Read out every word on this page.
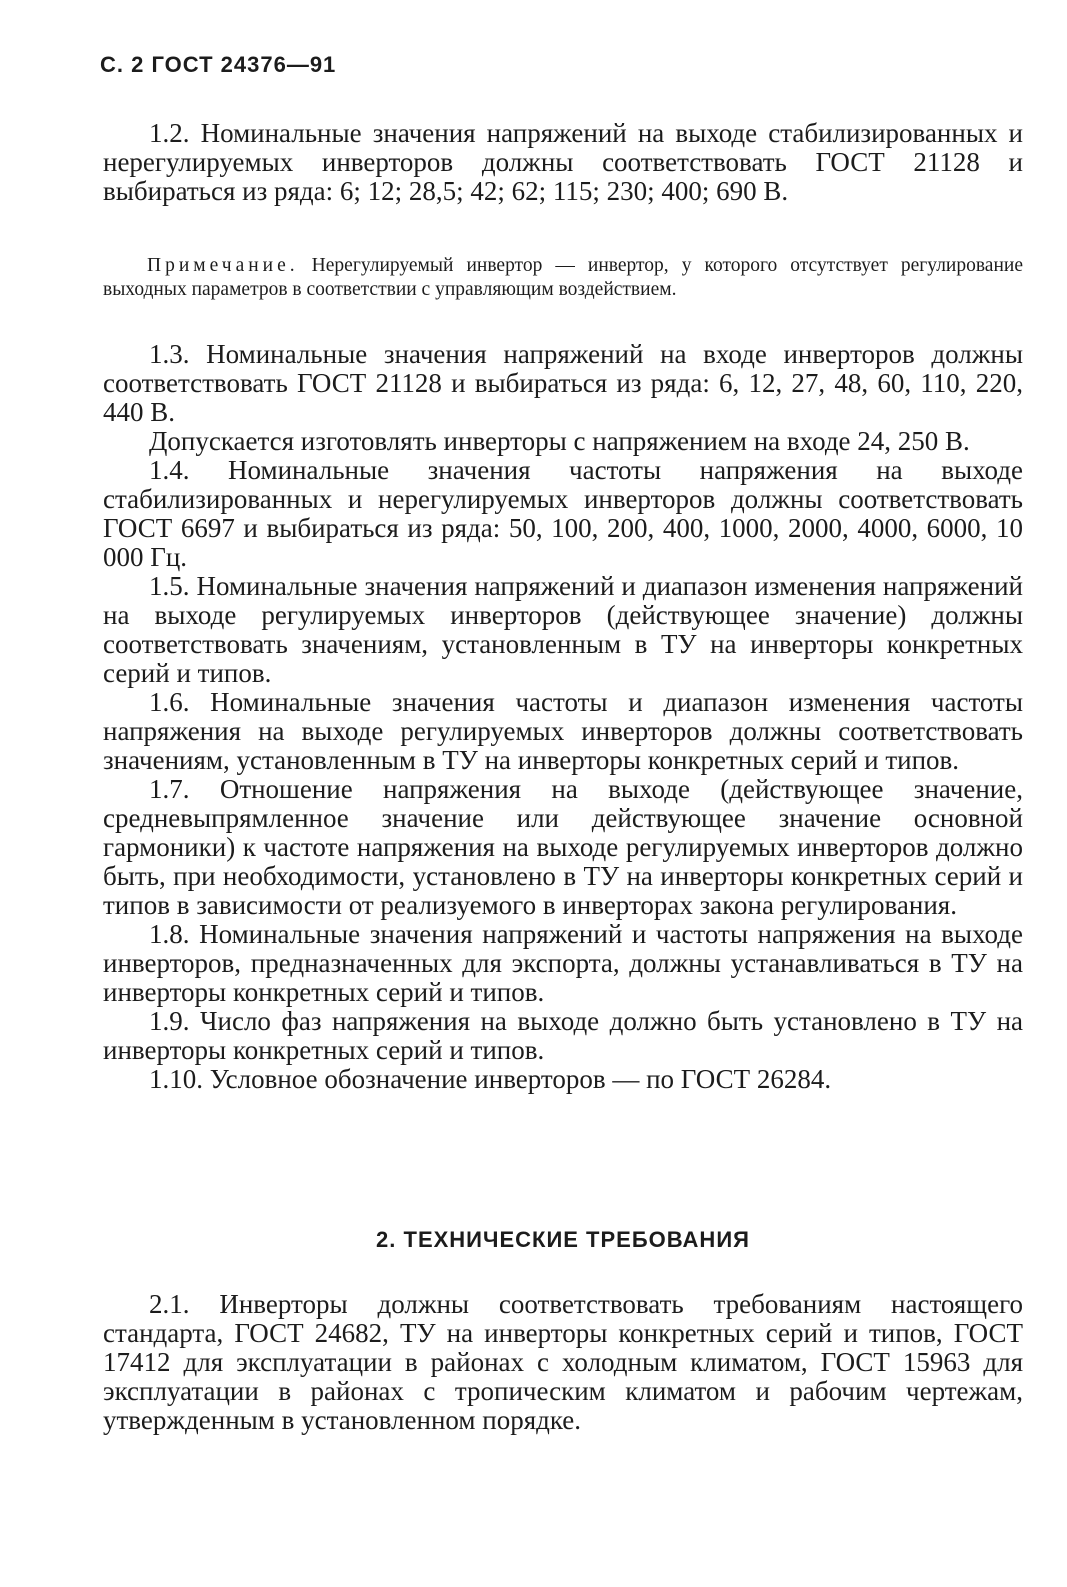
С. 2 ГОСТ 24376—91

1.2. Номинальные значения напряжений на выходе стабилизированных и нерегулируемых инверторов должны соответствовать ГОСТ 21128 и выбираться из ряда: 6; 12; 28,5; 42; 62; 115; 230; 400; 690 В.

Примечание. Нерегулируемый инвертор — инвертор, у которого отсутствует регулирование выходных параметров в соответствии с управляющим воздействием.

1.3. Номинальные значения напряжений на входе инверторов должны соответствовать ГОСТ 21128 и выбираться из ряда: 6, 12, 27, 48, 60, 110, 220, 440 В.

Допускается изготовлять инверторы с напряжением на входе 24, 250 В.

1.4. Номинальные значения частоты напряжения на выходе стабилизированных и нерегулируемых инверторов должны соответствовать ГОСТ 6697 и выбираться из ряда: 50, 100, 200, 400, 1000, 2000, 4000, 6000, 10 000 Гц.

1.5. Номинальные значения напряжений и диапазон изменения напряжений на выходе регулируемых инверторов (действующее значение) должны соответствовать значениям, установленным в ТУ на инверторы конкретных серий и типов.

1.6. Номинальные значения частоты и диапазон изменения частоты напряжения на выходе регулируемых инверторов должны соответствовать значениям, установленным в ТУ на инверторы конкретных серий и типов.

1.7. Отношение напряжения на выходе (действующее значение, средневыпрямленное значение или действующее значение основной гармоники) к частоте напряжения на выходе регулируемых инверторов должно быть, при необходимости, установлено в ТУ на инверторы конкретных серий и типов в зависимости от реализуемого в инверторах закона регулирования.

1.8. Номинальные значения напряжений и частоты напряжения на выходе инверторов, предназначенных для экспорта, должны устанавливаться в ТУ на инверторы конкретных серий и типов.

1.9. Число фаз напряжения на выходе должно быть установлено в ТУ на инверторы конкретных серий и типов.

1.10. Условное обозначение инверторов — по ГОСТ 26284.

2. ТЕХНИЧЕСКИЕ ТРЕБОВАНИЯ

2.1. Инверторы должны соответствовать требованиям настоящего стандарта, ГОСТ 24682, ТУ на инверторы конкретных серий и типов, ГОСТ 17412 для эксплуатации в районах с холодным климатом, ГОСТ 15963 для эксплуатации в районах с тропическим климатом и рабочим чертежам, утвержденным в установленном порядке.
